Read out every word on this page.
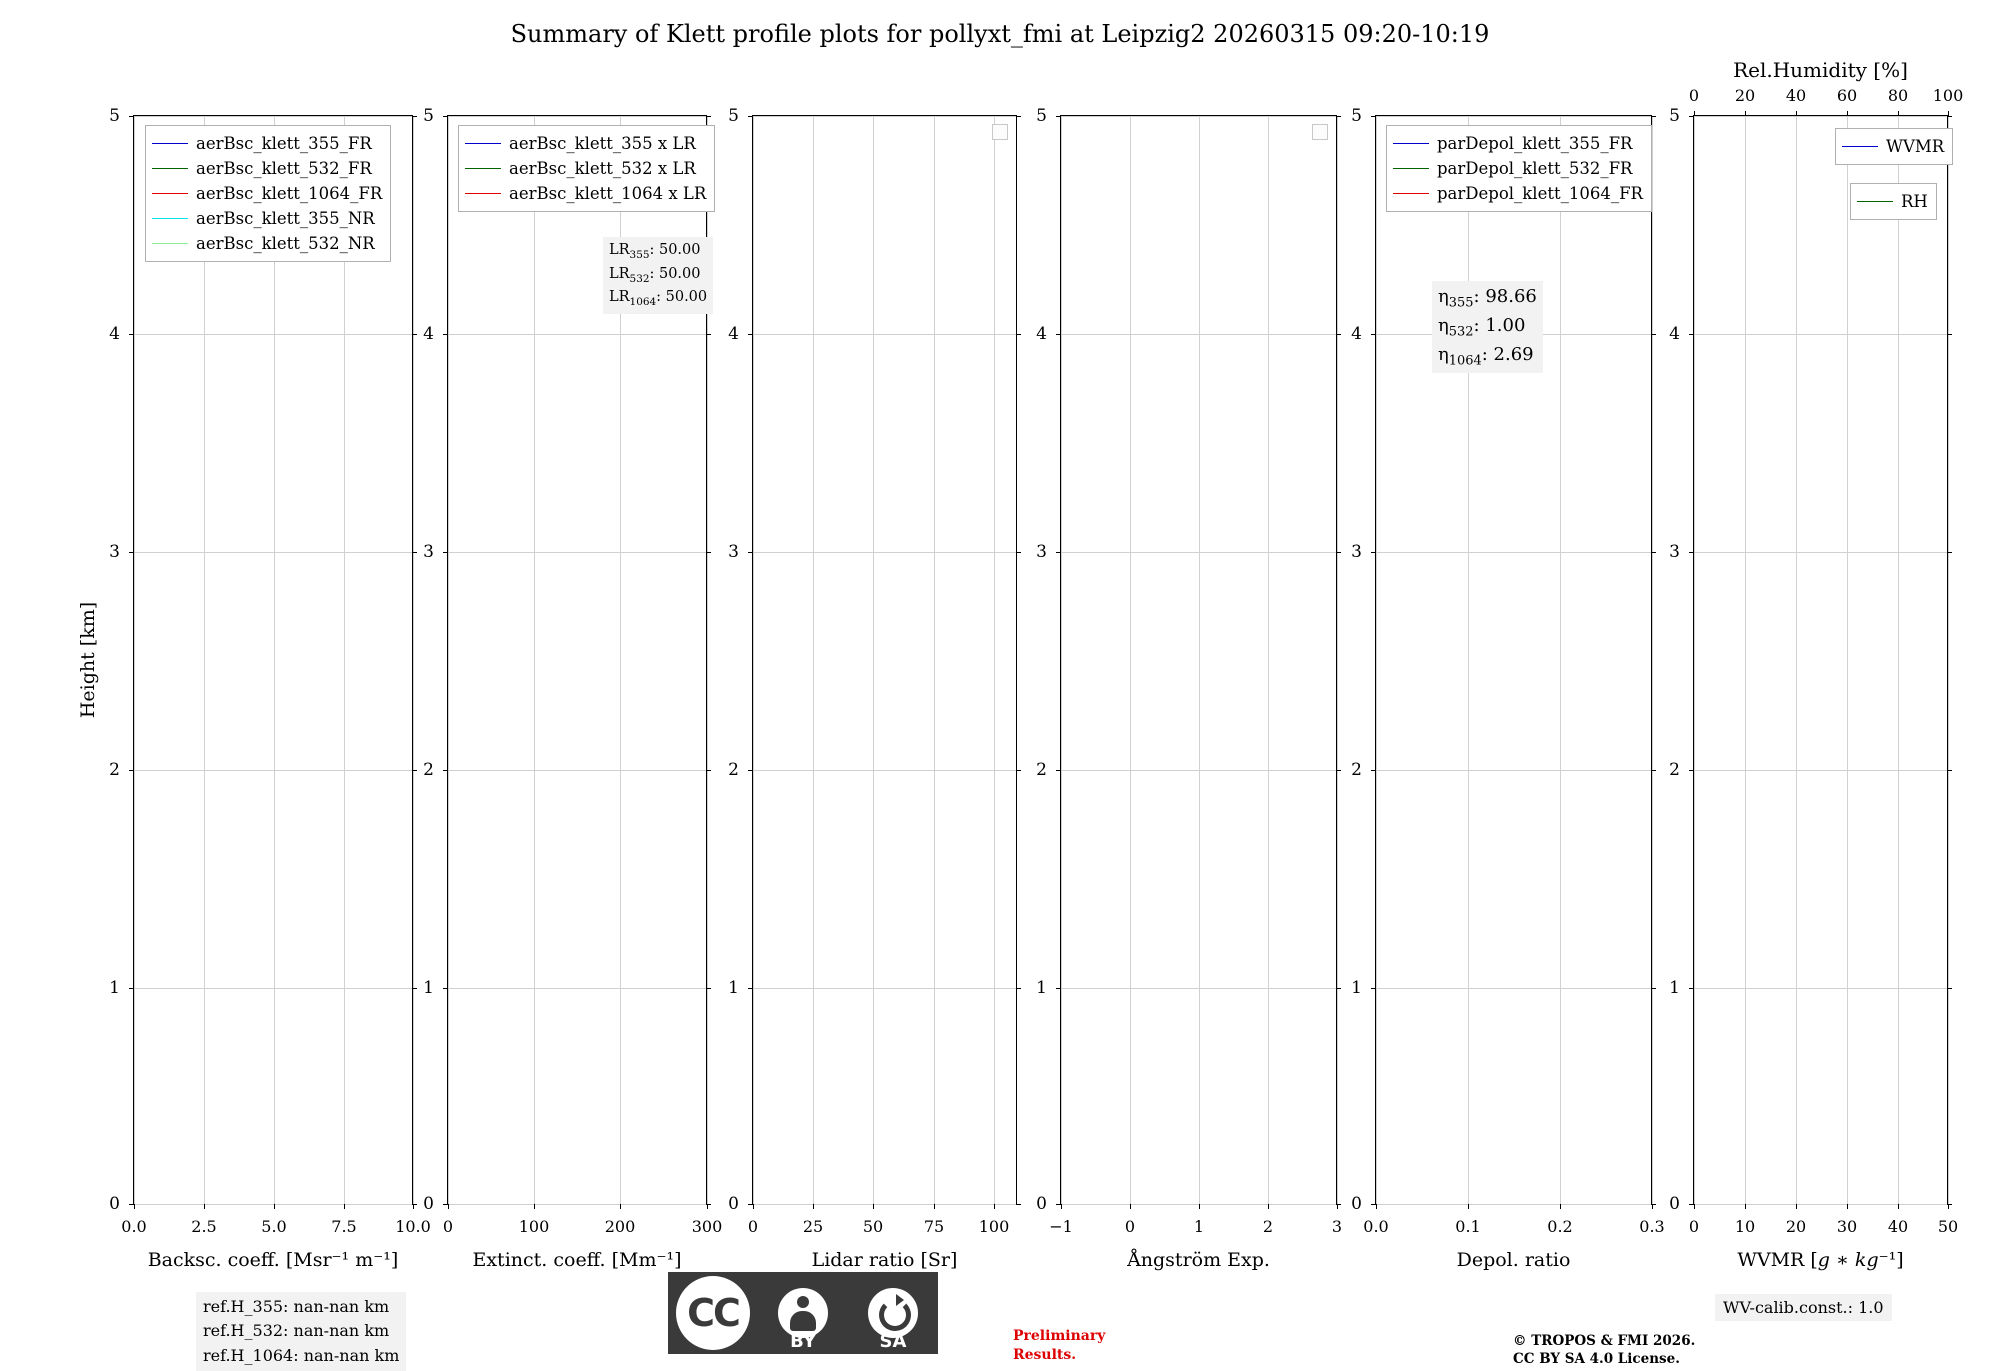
Summary of Klett profile plots for pollyxt_fmi at Leipzig2 20260315 09:20-10:19
Height [km]
5
4
3
2
1
0
0.0	2.5	5.0	7.5 10.0
Backsc. coeff. [Msr⁻¹ m⁻¹]
aerBsc_klett_355_FR
aerBsc_klett_532_FR
aerBsc_klett_1064_FR
aerBsc_klett_355_NR
aerBsc_klett_532_NR
5
4
3
2
1
0
0	100	200	300
Extinct. coeff. [Mm⁻¹]
aerBsc_klett_355 x LR
aerBsc_klett_532 x LR
aerBsc_klett_1064 x LR
$LR_{355}$: 50.00
$LR_{532}$: 50.00
$LR_{1064}$: 50.00
5
4
3
2
1
0
0	25 50	75 100
Lidar ratio [Sr]
5
4
3
2
1
0
−1	0	1	2	3
Ångström Exp.
5
4
3
2
1
0
0.0	0.1	0.2	0.3
Depol. ratio
parDepol_klett_355_FR
parDepol_klett_532_FR
parDepol_klett_1064_FR
$\eta_{355}$: 98.66
$\eta_{532}$: 1.00
$\eta_{1064}$: 2.69
5
4
3
2
1
0
0 10 20 30 40 50
WVMR [𝑔 ∗ 𝑘𝑔⁻¹]
0 20 40 60 80 100
Rel.Humidity [%]
WVMR
RH
ref.H_355: nan-nan km
ref.H_532: nan-nan km
ref.H_1064: nan-nan km
WV-calib.const.: 1.0
CC
BY	SA	Preliminary
Results.
© TROPOS & FMI 2026.
CC BY SA 4.0 License.
